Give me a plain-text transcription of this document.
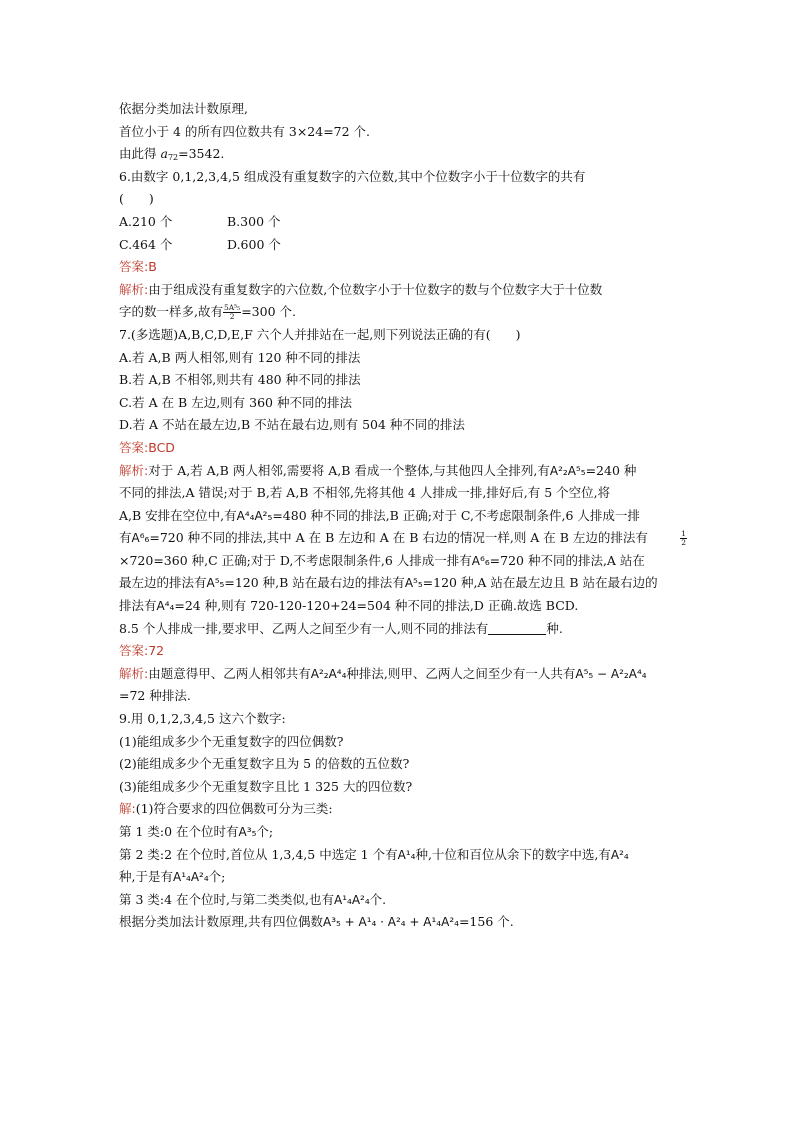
依据分类加法计数原理,
首位小于 4 的所有四位数共有 3×24=72 个.
由此得 $a_{72}=3542$.
6.由数字 0,1,2,3,4,5 组成没有重复数字的六位数,其中个位数字小于十位数字的共有
(　　)
A.210 个	B.300 个
C.464 个	D.600 个
答案:B
解析:由于组成没有重复数字的六位数,个位数字小于十位数字的数与个位数字大于十位数
字的数一样多,故有 $\frac{\text{5A⁵₅}}{2} =300$ 个.
7.(多选题)A,B,C,D,E,F 六个人并排站在一起,则下列说法正确的有(　　)
A.若 A,B 两人相邻,则有 120 种不同的排法
B.若 A,B 不相邻,则共有 480 种不同的排法
C.若 A 在 B 左边,则有 360 种不同的排法
D.若 A 不站在最左边,B 不站在最右边,则有 504 种不同的排法
答案:BCD
解析:对于 A,若 A,B 两人相邻,需要将 A,B 看成一个整体,与其他四人全排列,有A²₂A⁵₅=240 种
不同的排法,A 错误;对于 B,若 A,B 不相邻,先将其他 4 人排成一排,排好后,有 5 个空位,将
A,B 安排在空位中,有A⁴₄A²₅=480 种不同的排法,B 正确;对于 C,不考虑限制条件,6 人排成一排
有A⁶₆=720 种不同的排法,其中 A 在 B 左边和 A 在 B 右边的情况一样,则 A 在 B 左边的排法有	$\frac{1}{2}$
×720=360 种,C 正确;对于 D,不考虑限制条件,6 人排成一排有A⁶₆=720 种不同的排法,A 站在
最左边的排法有A⁵₅=120 种,B 站在最右边的排法有A⁵₅=120 种,A 站在最左边且 B 站在最右边的
排法有A⁴₄=24 种,则有 720-120-120+24=504 种不同的排法,D 正确.故选 BCD.
8.5 个人排成一排,要求甲、乙两人之间至少有一人,则不同的排法有	种.
答案:72
解析:由题意得甲、乙两人相邻共有A²₂A⁴₄种排法,则甲、乙两人之间至少有一人共有A⁵₅ − A²₂A⁴₄
=72 种排法.
9.用 0,1,2,3,4,5 这六个数字:
(1)能组成多少个无重复数字的四位偶数?
(2)能组成多少个无重复数字且为 5 的倍数的五位数?
(3)能组成多少个无重复数字且比 1 325 大的四位数?
解:(1)符合要求的四位偶数可分为三类:
第 1 类:0 在个位时有A³₅个;
第 2 类:2 在个位时,首位从 1,3,4,5 中选定 1 个有A¹₄种,十位和百位从余下的数字中选,有A²₄
种,于是有A¹₄A²₄个;
第 3 类:4 在个位时,与第二类类似,也有A¹₄A²₄个.
根据分类加法计数原理,共有四位偶数A³₅ + A¹₄ · A²₄ + A¹₄A²₄=156 个.
